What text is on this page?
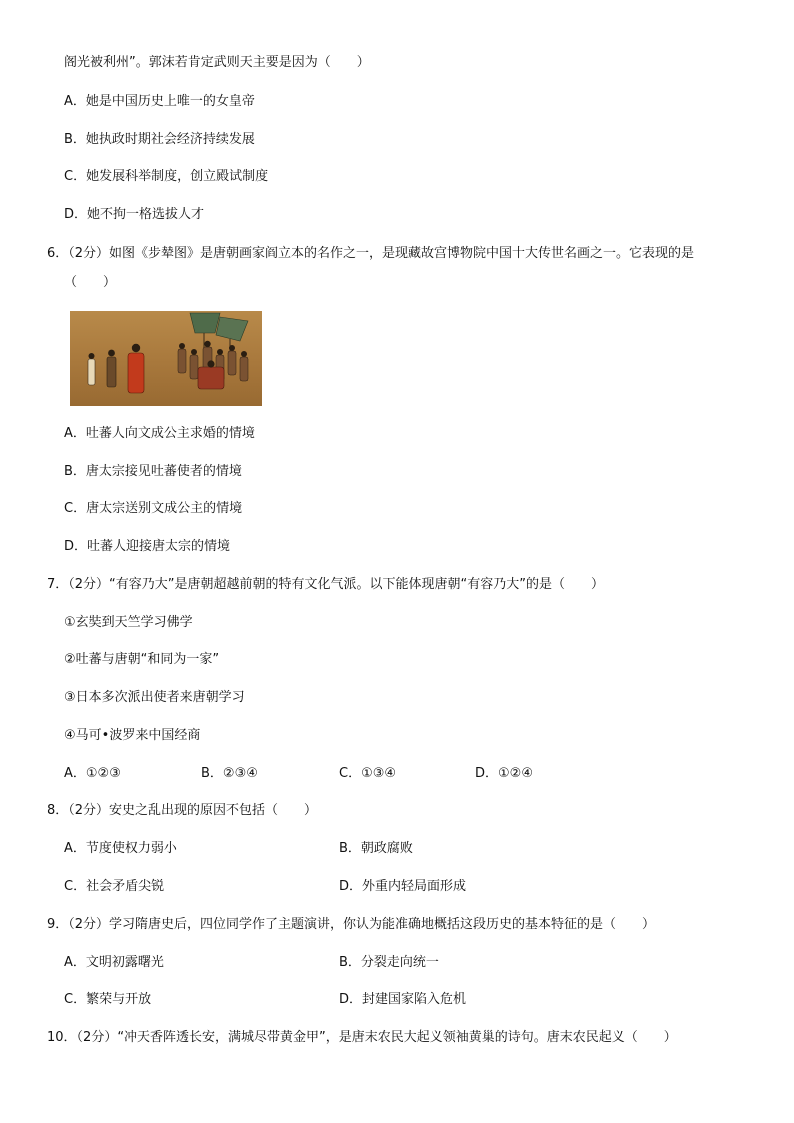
阁光被利州”。郭沫若肯定武则天主要是因为（　　）
A．她是中国历史上唯一的女皇帝
B．她执政时期社会经济持续发展
C．她发展科举制度，创立殿试制度
D．她不拘一格选拔人才
6．（2分）如图《步辇图》是唐朝画家阎立本的名作之一，是现藏故宫博物院中国十大传世名画之一。它表现的是
（　　）
A．吐蕃人向文成公主求婚的情境
B．唐太宗接见吐蕃使者的情境
C．唐太宗送别文成公主的情境
D．吐蕃人迎接唐太宗的情境
7．（2分）“有容乃大”是唐朝超越前朝的特有文化气派。以下能体现唐朝“有容乃大”的是（　　）
①玄奘到天竺学习佛学
②吐蕃与唐朝“和同为一家”
③日本多次派出使者来唐朝学习
④马可•波罗来中国经商
A．①②③	B．②③④	C．①③④	D．①②④
8．（2分）安史之乱出现的原因不包括（　　）
A．节度使权力弱小	B．朝政腐败
C．社会矛盾尖锐	D．外重内轻局面形成
9．（2分）学习隋唐史后，四位同学作了主题演讲，你认为能准确地概括这段历史的基本特征的是（　　）
A．文明初露曙光	B．分裂走向统一
C．繁荣与开放	D．封建国家陷入危机
10．（2分）“冲天香阵透长安，满城尽带黄金甲”，是唐末农民大起义领袖黄巢的诗句。唐末农民起义（　　）
